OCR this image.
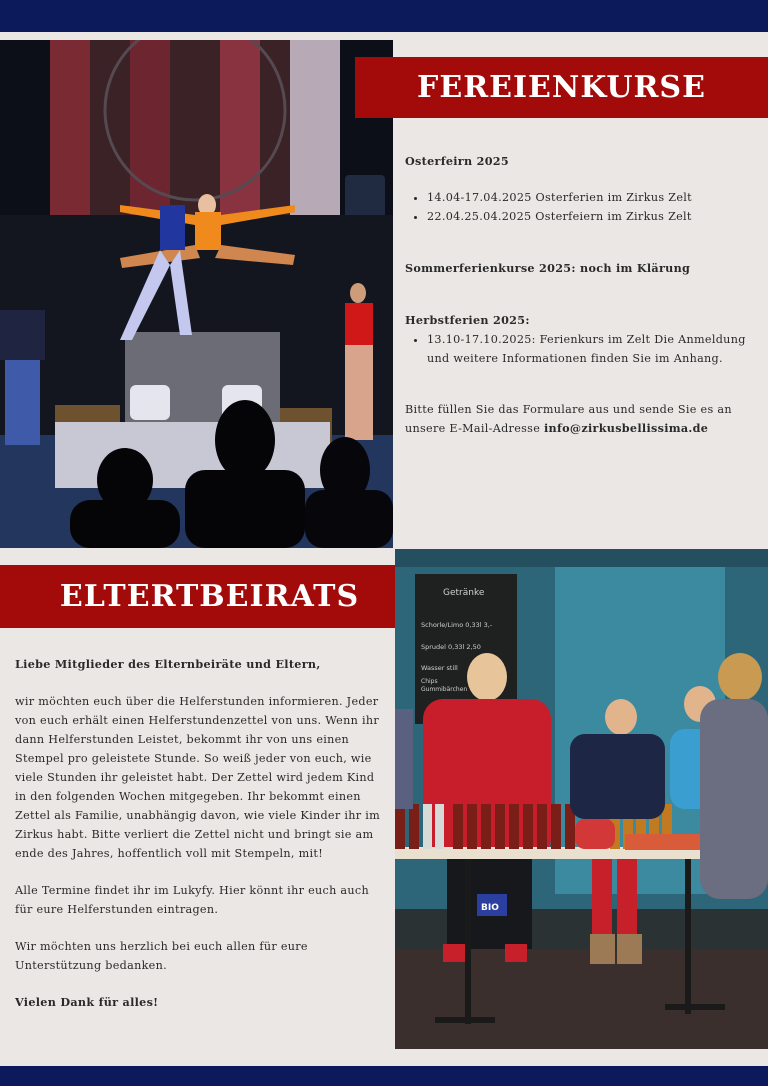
FEREIENKURSE

Osterfeirn 2025

• 14.04-17.04.2025 Osterferien im Zirkus Zelt
• 22.04.25.04.2025 Osterfeiern im Zirkus Zelt

Sommerferienkurse 2025: noch im Klärung

Herbstferien 2025:

• 13.10-17.10.2025: Ferienkurs im Zelt Die Anmeldung und weitere Informationen finden Sie im Anhang.

Bitte füllen Sie das Formulare aus und sende Sie es an unsere E-Mail-Adresse info@zirkusbellissima.de

ELTERTBEIRATS

Liebe Mitglieder des Elternbeiräte und Eltern,

wir möchten euch über die Helferstunden informieren. Jeder von euch erhält einen Helferstundenzettel von uns. Wenn ihr dann Helferstunden Leistet, bekommt ihr von uns einen Stempel pro geleistete Stunde. So weiß jeder von euch, wie viele Stunden ihr geleistet habt. Der Zettel wird jedem Kind in den folgenden Wochen mitgegeben. Ihr bekommt einen Zettel als Familie, unabhängig davon, wie viele Kinder ihr im Zirkus habt. Bitte verliert die Zettel nicht und bringt sie am ende des Jahres, hoffentlich voll mit Stempeln, mit!

Alle Termine findet ihr im Lukyfy. Hier könnt ihr euch auch für eure Helferstunden eintragen.

Wir möchten uns herzlich bei euch allen für eure Unterstützung bedanken.

Vielen Dank für alles!

Getränke
Schorle/Limo 0,33l 3,-
Sprudel 0,33l 2,50
Wasser still
Chips
Gummibärchen
BIO
